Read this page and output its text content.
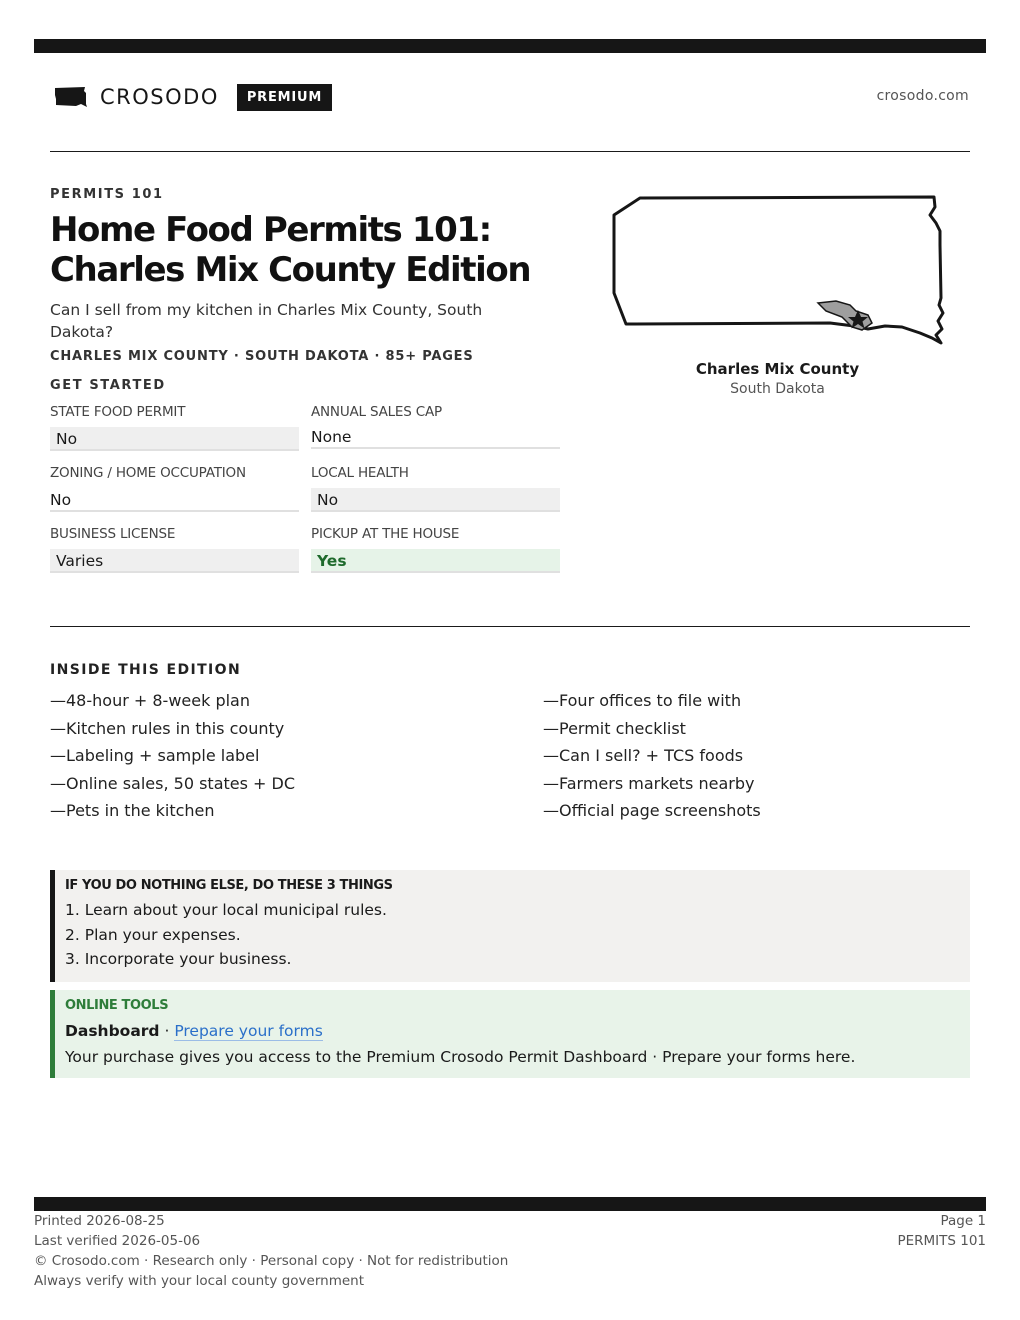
CROSODO	PREMIUM	crosodo.com
PERMITS 101
Home Food Permits 101: Charles Mix County Edition

Can I sell from my kitchen in Charles Mix County, South Dakota?

CHARLES MIX COUNTY · SOUTH DAKOTA · 85+ PAGES
GET STARTED
STATE FOOD PERMIT
No
ANNUAL SALES CAP
None
ZONING / HOME OCCUPATION
No
LOCAL HEALTH
No
BUSINESS LICENSE
Varies
PICKUP AT THE HOUSE
Yes
Charles Mix County
South Dakota
INSIDE THIS EDITION
—48-hour + 8-week plan
—Kitchen rules in this county
—Labeling + sample label
—Online sales, 50 states + DC
—Pets in the kitchen
—Four offices to file with
—Permit checklist
—Can I sell? + TCS foods
—Farmers markets nearby
—Official page screenshots
IF YOU DO NOTHING ELSE, DO THESE 3 THINGS
1. Learn about your local municipal rules.
2. Plan your expenses.
3. Incorporate your business.
ONLINE TOOLS
Dashboard · Prepare your forms
Your purchase gives you access to the Premium Crosodo Permit Dashboard · Prepare your forms here.
Printed 2026-08-25
Last verified 2026-05-06
© Crosodo.com · Research only · Personal copy · Not for redistribution
Always verify with your local county government
Page 1
PERMITS 101
